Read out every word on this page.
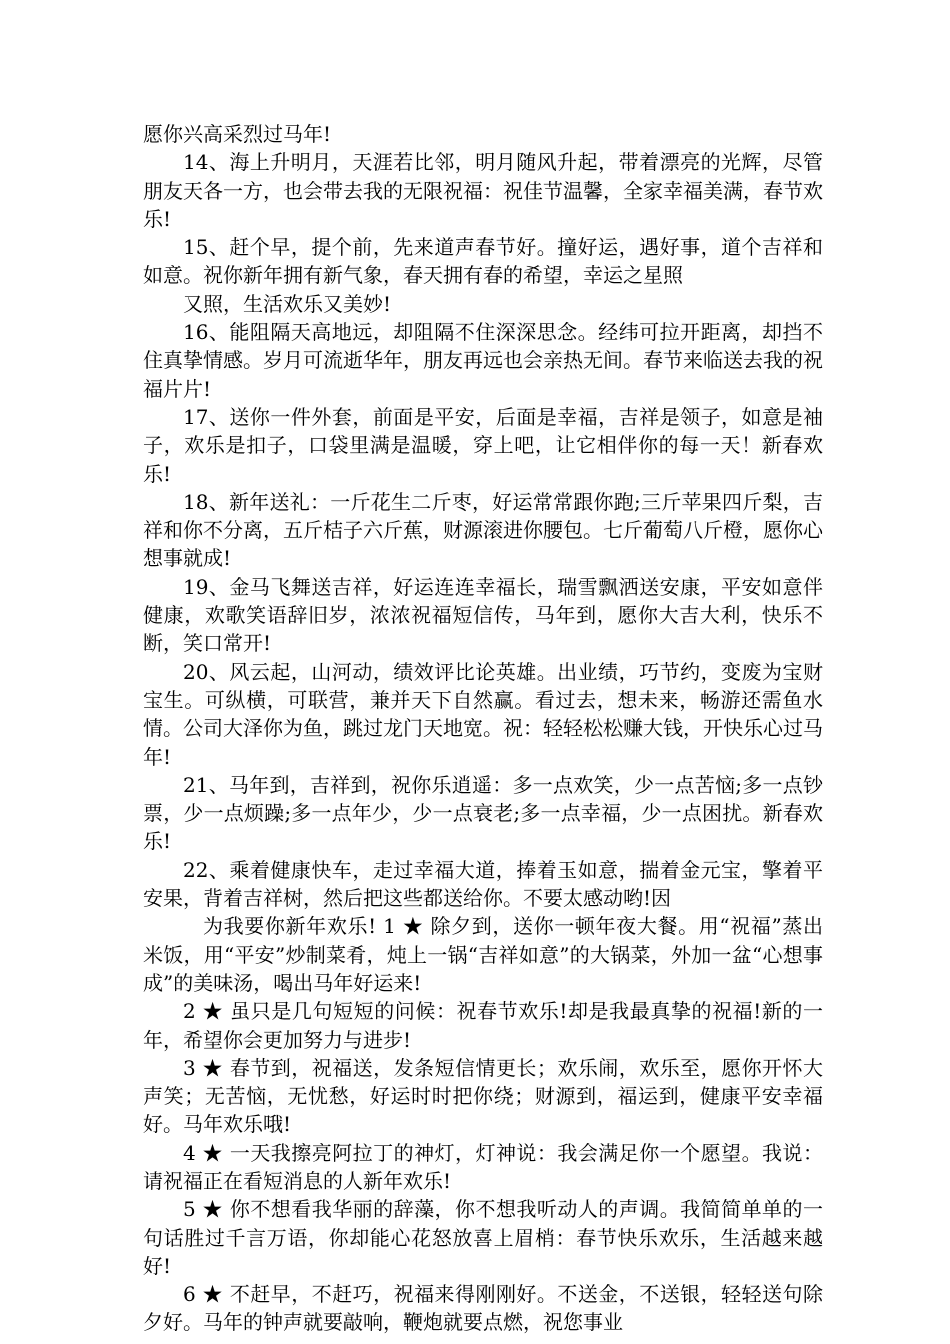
愿你兴高采烈过马年!

14、海上升明月，天涯若比邻，明月随风升起，带着漂亮的光辉，尽管朋友天各一方，也会带去我的无限祝福：祝佳节温馨，全家幸福美满，春节欢乐!

15、赶个早，提个前，先来道声春节好。撞好运，遇好事，道个吉祥和如意。祝你新年拥有新气象，春天拥有春的希望，幸运之星照

又照，生活欢乐又美妙!

16、能阻隔天高地远，却阻隔不住深深思念。经纬可拉开距离，却挡不住真挚情感。岁月可流逝华年，朋友再远也会亲热无间。春节来临送去我的祝福片片!

17、送你一件外套，前面是平安，后面是幸福，吉祥是领子，如意是袖子，欢乐是扣子，口袋里满是温暖，穿上吧，让它相伴你的每一天！新春欢乐!

18、新年送礼：一斤花生二斤枣，好运常常跟你跑;三斤苹果四斤梨，吉祥和你不分离，五斤桔子六斤蕉，财源滚进你腰包。七斤葡萄八斤橙，愿你心想事就成!

19、金马飞舞送吉祥，好运连连幸福长，瑞雪飘洒送安康，平安如意伴健康，欢歌笑语辞旧岁，浓浓祝福短信传，马年到，愿你大吉大利，快乐不断，笑口常开!

20、风云起，山河动，绩效评比论英雄。出业绩，巧节约，变废为宝财宝生。可纵横，可联营，兼并天下自然赢。看过去，想未来，畅游还需鱼水情。公司大泽你为鱼，跳过龙门天地宽。祝：轻轻松松赚大钱，开快乐心过马年!

21、马年到，吉祥到，祝你乐逍遥：多一点欢笑，少一点苦恼;多一点钞票，少一点烦躁;多一点年少，少一点衰老;多一点幸福，少一点困扰。新春欢乐!

22、乘着健康快车，走过幸福大道，捧着玉如意，揣着金元宝，擎着平安果，背着吉祥树，然后把这些都送给你。不要太感动哟!因

为我要你新年欢乐! 1 ★ 除夕到，送你一顿年夜大餐。用“祝福”蒸出米饭，用“平安”炒制菜肴，炖上一锅“吉祥如意”的大锅菜，外加一盆“心想事成”的美味汤，喝出马年好运来!

2 ★ 虽只是几句短短的问候：祝春节欢乐!却是我最真挚的祝福!新的一年，希望你会更加努力与进步!

3 ★ 春节到，祝福送，发条短信情更长；欢乐闹，欢乐至，愿你开怀大声笑；无苦恼，无忧愁，好运时时把你绕；财源到，福运到，健康平安幸福好。马年欢乐哦!

4 ★ 一天我擦亮阿拉丁的神灯，灯神说：我会满足你一个愿望。我说：请祝福正在看短消息的人新年欢乐!

5 ★ 你不想看我华丽的辞藻，你不想我听动人的声调。我简简单单的一句话胜过千言万语，你却能心花怒放喜上眉梢：春节快乐欢乐，生活越来越好!

6 ★ 不赶早，不赶巧，祝福来得刚刚好。不送金，不送银，轻轻送句除夕好。马年的钟声就要敲响，鞭炮就要点燃，祝您事业
